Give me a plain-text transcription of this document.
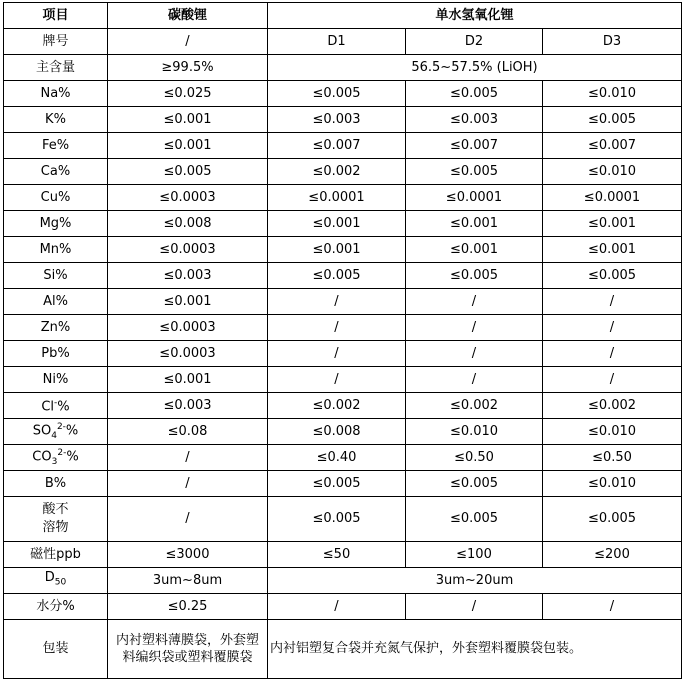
项目	碳酸锂	单水氢氧化锂		
牌号	/	D1	D2	D3
主含量	≥99.5%	56.5~57.5% (LiOH)		
Na%	≤0.025	≤0.005	≤0.005	≤0.010
K%	≤0.001	≤0.003	≤0.003	≤0.005
Fe%	≤0.001	≤0.007	≤0.007	≤0.007
Ca%	≤0.005	≤0.002	≤0.005	≤0.010
Cu%	≤0.0003	≤0.0001	≤0.0001	≤0.0001
Mg%	≤0.008	≤0.001	≤0.001	≤0.001
Mn%	≤0.0003	≤0.001	≤0.001	≤0.001
Si%	≤0.003	≤0.005	≤0.005	≤0.005
Al%	≤0.001	/	/	/
Zn%	≤0.0003	/	/	/
Pb%	≤0.0003	/	/	/
Ni%	≤0.001	/	/	/
Cl-%	≤0.003	≤0.002	≤0.002	≤0.002
$SO_4^{2-}\%$	≤0.08	≤0.008	≤0.010	≤0.010
$CO_3^{2-}\%$	/	≤0.40	≤0.50	≤0.50
B%	/	≤0.005	≤0.005	≤0.010
酸不
溶物	/	≤0.005	≤0.005	≤0.005
磁性ppb	≤3000	≤50	≤100	≤200
$D_{50}$	3um~8um	3um~20um		
水分%	≤0.25	/	/	/
包装	内衬塑料薄膜袋，外套塑料编织袋或塑料覆膜袋	内衬铝塑复合袋并充氮气保护，外套塑料覆膜袋包装。		
